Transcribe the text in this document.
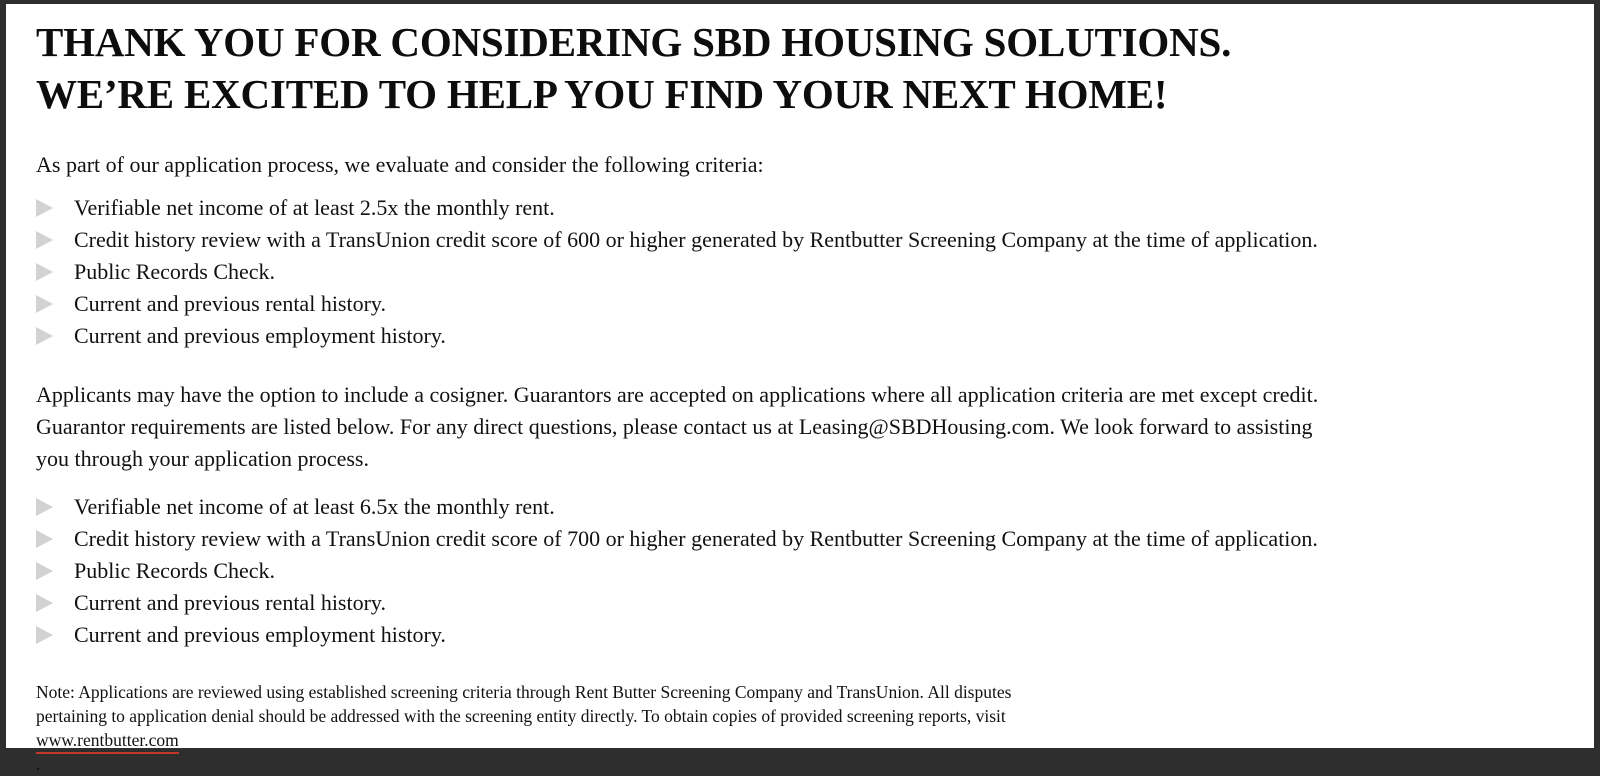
THANK YOU FOR CONSIDERING SBD HOUSING SOLUTIONS.
WE’RE EXCITED TO HELP YOU FIND YOUR NEXT HOME!

As part of our application process, we evaluate and consider the following criteria:

Verifiable net income of at least 2.5x the monthly rent.
Credit history review with a TransUnion credit score of 600 or higher generated by Rentbutter Screening Company at the time of application.
Public Records Check.
Current and previous rental history.
Current and previous employment history.

Applicants may have the option to include a cosigner. Guarantors are accepted on applications where all application criteria are met except credit.
Guarantor requirements are listed below. For any direct questions, please contact us at Leasing@SBDHousing.com. We look forward to assisting
you through your application process.

Verifiable net income of at least 6.5x the monthly rent.
Credit history review with a TransUnion credit score of 700 or higher generated by Rentbutter Screening Company at the time of application.
Public Records Check.
Current and previous rental history.
Current and previous employment history.

Note: Applications are reviewed using established screening criteria through Rent Butter Screening Company and TransUnion. All disputes
pertaining to application denial should be addressed with the screening entity directly. To obtain copies of provided screening reports, visit
www.rentbutter.com
.
